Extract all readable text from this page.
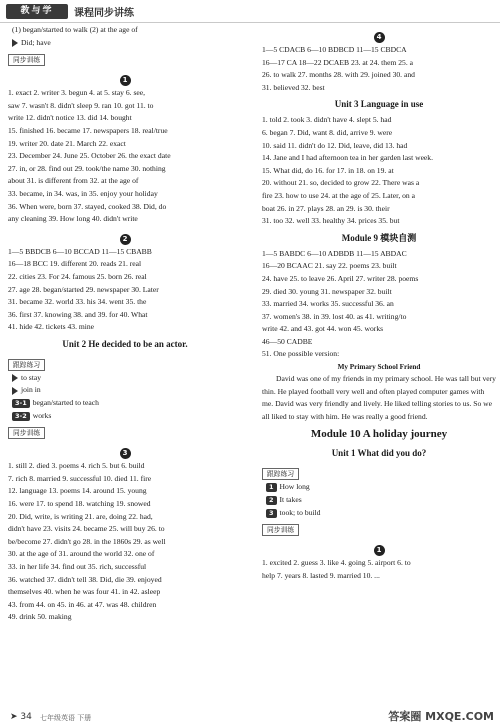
教与学	课程同步讲练
(1) began/started to walk (2) at the age of
Did; have
同步训练
1
1. exact 2. writer 3. begun 4. at 5. stay 6. see,
saw 7. wasn't 8. didn't sleep 9. ran 10. got 11. to
write 12. didn't notice 13. did 14. bought
15. finished 16. became 17. newspapers 18. real/true
19. writer 20. date 21. March 22. exact
23. December 24. June 25. October 26. the exact date
27. in, or 28. find out 29. took/the name 30. nothing
about 31. is different from 32. at the age of
33. became, in 34. was, in 35. enjoy your holiday
36. When were, born 37. stayed, cooked 38. Did, do
any cleaning 39. How long 40. didn't write
2
1—5 BBDCB 6—10 BCCAD 11—15 CBABB
16—18 BCC 19. different 20. reads 21. real
22. cities 23. For 24. famous 25. born 26. real
27. age 28. began/started 29. newspaper 30. Later
31. became 32. world 33. his 34. went 35. the
36. first 37. knowing 38. and 39. for 40. What
41. hide 42. tickets 43. mine
Unit 2 He decided to be an actor.
跟踪练习
to stay
join in
3-1 began/started to teach
3-2 works
同步训练
3
1. still 2. died 3. poems 4. rich 5. but 6. build
7. rich 8. married 9. successful 10. died 11. fire
12. language 13. poems 14. around 15. young
16. were 17. to spend 18. watching 19. snowed
20. Did, write, is writing 21. are, doing 22. had,
didn't have 23. visits 24. became 25. will buy 26. to
be/become 27. didn't go 28. in the 1860s 29. as well
30. at the age of 31. around the world 32. one of
33. in her life 34. find out 35. rich, successful
36. watched 37. didn't tell 38. Did, die 39. enjoyed
themselves 40. when he was four 41. in 42. asleep
43. from 44. on 45. in 46. at 47. was 48. children
49. drink 50. making
4
1—5 CDACB 6—10 BDBCD 11—15 CBDCA
16—17 CA 18—22 DCAEB 23. at 24. them 25. a
26. to walk 27. months 28. with 29. joined 30. and
31. believed 32. best
Unit 3 Language in use
1. told 2. took 3. didn't have 4. slept 5. had
6. began 7. Did, want 8. did, arrive 9. were
10. said 11. didn't do 12. Did, leave, did 13. had
14. Jane and I had afternoon tea in her garden last week.
15. What did, do 16. for 17. in 18. on 19. at
20. without 21. so, decided to grow 22. There was a
fire 23. how to use 24. at the age of 25. Later, on a
boat 26. in 27. plays 28. an 29. is 30. their
31. too 32. well 33. healthy 34. prices 35. but
Module 9 模块自测
1—5 BABDC 6—10 ADBDB 11—15 ABDAC
16—20 BCAAC 21. say 22. poems 23. built
24. have 25. to leave 26. April 27. writer 28. poems
29. died 30. young 31. newspaper 32. built
33. married 34. works 35. successful 36. an
37. women's 38. in 39. lost 40. as 41. writing/to
write 42. and 43. got 44. won 45. works
46—50 CADBE
51. One possible version:
My Primary School Friend

David was one of my friends in my primary school. He was tall but very thin. He played football very well and often played computer games with me. David was very friendly and lively. He liked telling stories to us. So we all liked to stay with him. He was really a good friend.

Module 10 A holiday journey
Unit 1 What did you do?
跟踪练习
1 How long
2 It takes
3 took; to build
同步训练
1
1. excited 2. guess 3. like 4. going 5. airport 6. to
help 7. years 8. lasted 9. married 10. ...
➤ 34 七年级英语 下册	答案圈 MXQE.COM
